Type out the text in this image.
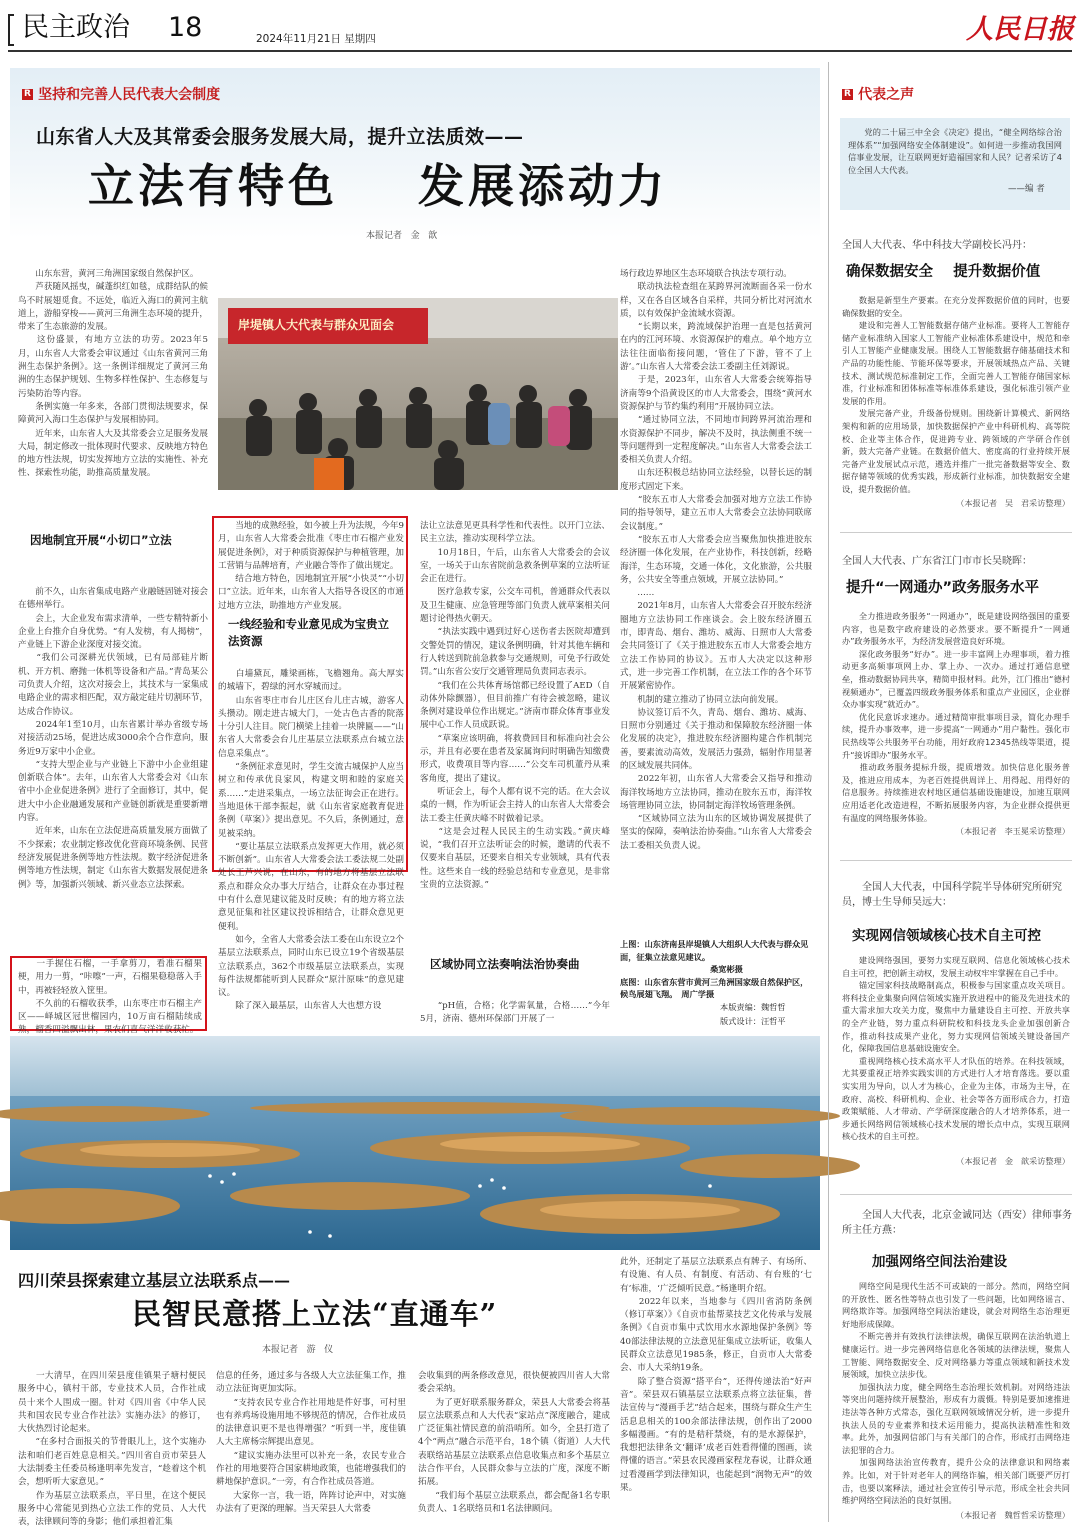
民主政治 18	2024年11月21日 星期四	人民日报
R 坚持和完善人民代表大会制度
山东省人大及其常委会服务发展大局，提升立法质效——
立法有特色    发展添动力
本报记者   金   歆
岸堤镇人大代表与群众见面会
　　山东东营，黄河三角洲国家级自然保护区。
　　芦获随风摇曳，碱蓬织红如毯，成群结队的候鸟不时展翅觅食。不远处，临近入海口的黄河主航道上，游船穿梭——黄河三角洲生态环境的提升，带来了生态旅游的发展。
　　这份盛景，有地方立法的功劳。2023年5月，山东省人大常委会审议通过《山东省黄河三角洲生态保护条例》。这一条例详细规定了黄河三角洲的生态保护规划、生物多样性保护、生态修复与污染防治等内容。
　　条例实施一年多来，各部门贯彻法规要求，保障黄河入海口生态保护与发展相协同。
　　近年来，山东省人大及其常委会立足服务发展大局，制定修改一批体现时代要求、反映地方特色的地方性法规，切实发挥地方立法的实施性、补充性、探索性功能，助推高质量发展。
因地制宜开展“小切口”立法
　　前不久，山东省集成电路产业融链固链对接会在德州举行。
　　会上，大企业发布需求清单，一些专精特新小企业上台推介自身优势。“有人发榜，有人揭榜”，产业链上下游企业深度对接交流。
　　“我们公司深耕光伏领域，已有局部硅片断机、开方机、磨抛一体机等设备和产品。”青岛某公司负责人介绍，这次对接会上，其技术与一家集成电路企业的需求相匹配，双方敲定硅片切割环节，达成合作协议。
　　2024年1至10月，山东省累计举办省级专场对接活动25场，促进达成3000余个合作意向，服务近9万家中小企业。
　　“支持大型企业与产业链上下游中小企业组建创新联合体”。去年，山东省人大常委会对《山东省中小企业促进条例》进行了全面修订，其中，促进大中小企业融通发展和产业链创新就是重要新增内容。
　　近年来，山东在立法促进高质量发展方面做了不少探索；农业制定修改优化营商环境条例、民营经济发展促进条例等地方性法规。数字经济促进条例等地方性法规，制定《山东省大数据发展促进条例》等，加强新兴领域、新兴业态立法探索。
　　一手握住石榴，一手拿剪刀，看准石榴果梗，用力一剪，“咔嚓”一声，石榴果稳稳落入手中，再被轻轻放入筐里。
　　不久前的石榴收获季，山东枣庄市石榴主产区——峄城区冠世榴园内，10万亩石榴陆续成熟，榴香四溢飘出林，果农们喜气洋洋收获忙。

　　当地的成熟经验，如今被上升为法规，今年9月，山东省人大常委会批准《枣庄市石榴产业发展促进条例》，对于种质资源保护与种植管理，加工营销与品牌培育，产业融合等作了做出规定。
　　结合地方特色，因地制宜开展“小快灵”“小切口”立法。近年来，山东省人大指导各设区的市通过地方立法，助推地方产业发展。
一线经验和专业意见成为宝贵立法资源
　　白墙黛瓦，雕梁画栋，飞檐翘角。高大厚实的城墙下，碧绿的河水穿城而过。
　　山东省枣庄市台儿庄区台儿庄古城，游客人头攒动。刚走进古城大门，一处古色古香的院落十分引人注目。院门横梁上挂着一块牌匾——“山东省人大常委会台儿庄基层立法联系点台城立法信息采集点”。
　　“条例征求意见时，学生交流古城保护人应当树立和传承优良家风，构建文明和睦的家庭关系……”走进采集点，一场立法征询会正在进行。当地退休干部李振起，就《山东省家庭教育促进条例（草案）》提出意见。不久后，条例通过，意见被采纳。
　　“要让基层立法联系点发挥更大作用，就必须不断创新”。山东省人大常委会法工委法规二处副处长王芦兴说，在山东，有的地方将基层立法联系点和群众众办事大厅结合，让群众在办事过程中有什么意见建议能及时反映；有的地方将立法意见征集和社区建议投诉相结合，让群众意见更便利。
　　如今，全省人大常委会法工委在山东设立2个基层立法联系点，同时山东已设立19个省级基层立法联系点，362个市级基层立法联系点，实现每件法规都能听到人民群众“原汁原味”的意见建议。
　　除了深入最基层，山东省人大也想方设
法让立法意见更具科学性和代表性。以开门立法、民主立法，推动实现科学立法。
　　10月18日，午后，山东省人大常委会的会议室，一场关于山东省院前急救条例草案的立法听证会正在进行。
　　医疗急救专家，公交车司机，普通群众代表以及卫生健康、应急管理等部门负责人就草案相关问题讨论得热火朝天。
　　“执法实践中遇到过好心送伤者去医院却遭到交警处罚的情况，建议条例明确，针对其他车辆和行人转送到院前急救参与交通规则，可免予行政处罚。”山东省公安厅交通管理局负责同志表示。
　　“我们在公共体育场馆都已经设置了AED（自动体外除颤器），但目前推广有待会被忽略，建议条例对建设单位作出规定。”济南市群众体育事业发展中心工作人员成跃说。
　　“草案应该明确，将救费回目和标准向社会公示，并且有必要在患者及家属询问时明确告知缴费形式，收费项目等内容……”公交车司机董丹从乘客角度，提出了建议。
　　听证会上，每个人都有说不完的话。在大会议桌的一侧，作为听证会主持人的山东省人大常委会法工委主任黄庆峰不时做着记录。
　　“这是会过程人民民主的生动实践。”黄庆峰说，“我们召开立法听证会的时候，邀请的代表不仅要来自基层，还要来自相关专业领域，具有代表性。这些来自一线的经验总结和专业意见，是非常宝贵的立法资源。”
区域协同立法奏响法治协奏曲
　　“pH值，合格；化学需氧量，合格……”今年5月，济南、德州环保部门开展了一
场行政边界地区生态环境联合执法专项行动。
　　联动执法检查组在某跨界河流断面各采一份水样，又在各自区域各自采样，共同分析比对河流水质，以有效保护金流域水资源。
　　“长期以来，跨流域保护治理一直是包括黄河在内的江河环境、水资源保护的难点。单个地方立法往往面临衔接问题，‘管住了下游，管不了上游’。”山东省人大常委会法工委副主任刘源说。
　　于是，2023年，山东省人大常委会统筹指导济南等9个沿黄设区的市人大常委会，围绕“黄河水资源保护与节约集约利用”开展协同立法。
　　“通过协同立法，不同地市间跨界河流治理和水资源保护不同步，解决不及时，执法侧重不统一等问题得到一定程度解决。”山东省人大常委会法工委相关负责人介绍。
　　山东还积极总结协同立法经验，以替长远的制度形式固定下来。
　　“胶东五市人大常委会加强对地方立法工作协同的指导领导，建立五市人大常委会立法协同联席会议制度。”
　　“胶东五市人大常委会应当聚焦加快推进胶东经济圈一体化发展，在产业协作，科技创新，经略海洋，生态环境，交通一体化，文化旅游，公共服务，公共安全等重点领域，开展立法协同。”
　　……
　　2021年8月，山东省人大常委会召开胶东经济圈地方立法协同工作座谈会。会上胶东经济圈五市，即青岛、烟台、潍坊、威海、日照市人大常委会共同签订了《关于推进胶东五市人大常委会地方立法工作协同的协议》。五市人大决定以这种形式，进一步完善工作机制，在立法工作的各个环节开展紧密协作。
　　机制的建立推动了协同立法向前发展。
　　协议签订后不久，青岛、烟台、潍坊、威海、日照市分别通过《关于推动和保障胶东经济圈一体化发展的决定》，推进胶东经济圈构建合作机制完善，要素流动高效，发展活力强劲，辐射作用显著的区域发展共同体。
　　2022年初，山东省人大常委会又指导和推动海洋牧场地方立法协同，推动在胶东五市，海洋牧场管理协同立法，协同制定海洋牧场管理条例。
　　“区域协同立法为山东的区域协调发展提供了坚实的保障，奏响法治协奏曲。”山东省人大常委会法工委相关负责人说。
上图：山东济南县岸堤镇人大组织人大代表与群众见面，征集立法意见建议。
　　　　　　　　　　　桑宽彬摄
底图：山东省东营市黄河三角洲国家级自然保护区，候鸟展翅飞翔。　周广学摄
本版责编：魏哲哲
版式设计：汪哲平
四川荣县探索建立基层立法联系点——
民智民意搭上立法“直通车”
本报记者   游   仪
　　一大清早，在四川荣县度佳镇果子塘村便民服务中心，镇村干部，专业技术人员，合作社成员十来个人围成一圈。针对《四川省《中华人民共和国农民专业合作社法》实施办法》的修订，大伙热烈讨论起来。
　　“在多村合面报关的节骨眼儿上，这个实施办法和咱们老百姓息息相关。”四川省自贡市荣县人大法制委主任委员杨逢明率先发言，“趁着这个机会，想听听大家意见。”
　　作为基层立法联系点，平日里，在这个便民服务中心常能见到热心立法工作的党员、人大代表，法律顾问等的身影；他们承担着汇集
信息的任务，通过多与各级人大立法征集工作，推动立法征询更加实际。
　　“支持农民专业合作社用地是件好事，可村里也有养鸡场设施用地不够规范的情况，合作社成员的法律意识更不是也得增强？”听到一半，度佳镇人大主席杨宗辉提出意见。
　　“建议实施办法里可以补充一条，农民专业合作社的用地要符合国家耕地政策，也能增强我们的耕地保护意识。”一旁，有合作社成员答道。
　　大家你一言，我一语，阵阵讨论声中，对实施办法有了更深的理解。当天荣县人大常委
会收集到的两条修改意见，很快便被四川省人大常委会采纳。
　　为了更好联系服务群众，荣县人大常委会将基层立法联系点和人大代表“家站点”深度融合，建成广泛征集社情民意的前沿哨所。如今，全县打造了4个“两点”融合示范平台，18个镇（街道）人大代表联络站基层立法联系点信息收集点和多个基层立法合作平台，人民群众参与立法的广度，深度不断拓展。
　　“我们每个基层立法联系点，都会配备1名专职负责人、1名联络员和1名法律顾问。
此外，还制定了基层立法联系点有牌子、有场所、有设施、有人员、有制度、有活动、有台账的‘七有’标准，‘广泛倾听民意。”杨逢明介绍。
　　2022年以来，当地参与《四川省消防条例（修订草案）》《自贡市盐帮菜技艺文化传承与发展条例》《自贡市集中式饮用水水源地保护条例》等40部法律法规的立法意见征集成立法听证，收集人民群众立法意见1985条，修正，自贡市人大常委会、市人大采纳19条。
　　除了整合资源“搭平台”，还得传递法治“好声音”。荣县双石镇基层立法联系点将立法征集，普法宣传与“漫画手艺”结合起来，围绕与群众生产生活息息相关的100余部法律法规，创作出了2000多幅漫画。“有的是秸秆禁烧，有的是水源保护，我想把法律条文‘翻译’成老百姓看得懂的图画，读得懂的语言。”荣县农民漫画家程龙春说，让群众通过看漫画学到法律知识，也能起到“润物无声”的效果。
R 代表之声
党的二十届三中全会《决定》提出，“健全网络综合治理体系”“加强网络安全体制建设”。如何进一步推动我国网信事业发展，让互联网更好造福国家和人民？记者采访了4位全国人大代表。
——编 者
全国人大代表、华中科技大学副校长冯丹：
确保数据安全    提升数据价值
　　数据是新型生产要素。在充分发挥数据价值的同时，也要确保数据的安全。
　　建设和完善人工智能数据存储产业标准。要将人工智能存储产业标准纳入国家人工智能产业标准体系建设中，规范和牵引人工智能产业健康发展。围绕人工智能数据存储基础技术和产品的功能性能、节能环保等要求，开展领域热点产品、关键技术、测试规范标准制定工作，全面完善人工智能存储国家标准，行业标准和团体标准等标准体系建设，强化标准引领产业发展的作用。
　　发展完备产业，升级备份规则。围绕新计算模式、新网络架构和新的应用场景，加快数据保护产业中科研机构、高等院校、企业等主体合作，促进跨专业、跨领域的产学研合作创新，鼓大完备产业链。在数据价值大、密度高的行业持续开展完备产业发展试点示范，遴选并推广一批完备数据等安全、数据存储等领域的优秀实践，形成新行业标准，加快数据安全建设，提升数据价值。
（本报记者   吴   君采访整理）
全国人大代表、广东省江门市市长吴晓晖：
提升“一网通办”政务服务水平
　　全力推进政务服务“一网通办”，既是建设网络强国的重要内容，也是数字政府建设的必然要求。要不断提升“一网通办”政务服务水平，为经济发展营造良好环境。
　　深化政务服务“好办”。进一步丰富网上办理事项，着力推动更多高频事项网上办、掌上办、一次办。通过打通信息壁垒，推动数据协同共享，精简申报材料。此外，江门推出“德村视频通办”，已覆盖四级政务服务体系和重点产业园区，企业群众办事实现“就近办”。
　　优化民意诉求速办。通过精简审批事项目录，简化办理手续，提升办事效率，进一步提高“一网通办”用户黏性。强化市民热线等公共服务平台功能，用好政府12345热线等渠道，提升“接诉即办”服务水平。
　　推动政务服务提标升级，提质增效。加快信息化服务普及，推进应用成本，为老百姓提供周详上、用得起、用得好的信息服务。持续推进农村地区通信基础设施建设，加速互联网应用适老化改造进程，不断拓展服务内容，为企业群众提供更有温度的网络服务体验。
（本报记者   李玉冕采访整理）
全国人大代表，中国科学院半导体研究所研究员，博士生导师吴远大：
实现网信领域核心技术自主可控
　　建设网络强国，要努力实现互联网、信息化领域核心技术自主可控，把创新主动权，发展主动权牢牢掌握在自己手中。
　　锚定国家科技战略制高点，积极参与国家重点攻关项目。将科技企业集聚向网信领域实施开放进程中的能及先进技术的重大需求加大攻关力度，聚焦中力量建设自主可控、开放共享的全产业链，努力重点科研院校和科技龙头企业加强创新合作，推动科技成果产业化，努力实现网信领域关键设备国产化，保障我国信息基础设施安全。
　　重视网络核心技术高水平人才队伍的培养。在科技领域，尤其要重视正培养实践实训的方式进行人才培育落选。要以重实实用为导向，以人才为核心，企业为主体，市场为主导，在政府、高校、科研机构、企业、社会等各方面形成合力，打造政策赋能、人才带动、产学研深度融合的人才培养体系，进一步通长网络网信领域核心技术发展的增长点中点，实现互联网核心技术的自主可控。
（本报记者   金   歆采访整理）
全国人大代表，北京金诚同达（西安）律师事务所主任方燕：
加强网络空间法治建设
　　网络空间是现代生活不可或缺的一部分。然而，网络空间的开放性、匿名性等特点也引发了一些问题，比如网络谣言、网络欺诈等。加强网络空间法治建设，就会对网络生态治理更好地形成保障。
　　不断完善并有效执行法律法规，确保互联网在法治轨道上健康运行。进一步完善网络信息化各领域的法律法规，聚焦人工智能、网络数据安全、反对网络暴力等重点领域和新技术发展领域，加快立法步伐。
　　加强执法力度，健全网络生态治理长效机制。对网络违法等突出问题持续开展整治，形成有力震慑。特别是要加速推进违法等各种方式常态，强化互联网领域情况分析，进一步提升执法人员的专业素养和技术运用能力，提高执法精准性和效率。此外，加强网信部门与有关部门的合作，形成打击网络违法犯罪的合力。
　　加强网络法治宣传教育，提升公众的法律意识和网络素养。比如，对于针对老年人的网络诈骗，相关部门既要严厉打击，也要以案释法，通过社会宣传引导示范，形成全社会共同维护网络空间法治的良好氛围。
（本报记者   魏哲哲采访整理）
